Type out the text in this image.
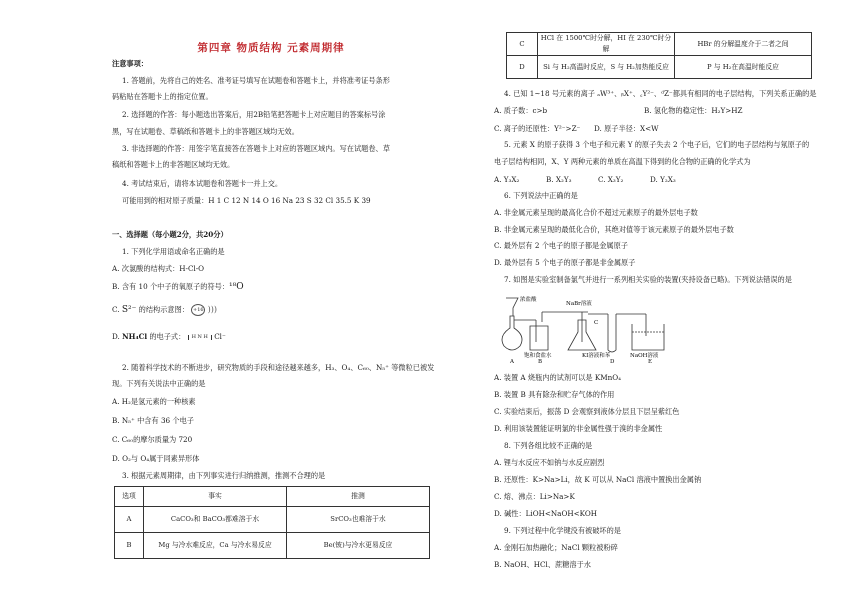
第四章 物质结构 元素周期律
注意事项：
1. 答题前，先将自己的姓名、准考证号填写在试题卷和答题卡上，并将准考证号条形
码粘贴在答题卡上的指定位置。
2. 选择题的作答：每小题选出答案后，用2B铅笔把答题卡上对应题目的答案标号涂
黑，写在试题卷、草稿纸和答题卡上的非答题区域均无效。
3. 非选择题的作答：用签字笔直接答在答题卡上对应的答题区域内。写在试题卷、草
稿纸和答题卡上的非答题区域均无效。
4. 考试结束后，请将本试题卷和答题卡一并上交。
可能用到的相对原子质量：H 1 C 12 N 14 O 16 Na 23 S 32 Cl 35.5 K 39
一、选择题（每小题2分，共20分）
1. 下列化学用语或命名正确的是
A. 次氯酸的结构式：H-Cl-O
B. 含有 10 个中子的氧原子的符号：¹⁸O
C. S²⁻ 的结构示意图： +16 )))
D. NH₄Cl 的电子式： H N H Cl⁻
2. 随着科学技术的不断进步，研究物质的手段和途径越来越多，H₃、O₄、C₆₀、N₅⁺ 等微粒已被发
现。下列有关说法中正确的是
A. H₂是氢元素的一种核素
B. N₅⁺ 中含有 36 个电子
C. C₆₀的摩尔质量为 720
D. O₂与 O₄属于同素异形体
3. 根据元素周期律，由下列事实进行归纳推测，推测不合理的是
选项	事实	推测
A	CaCO₃和 BaCO₃都难溶于水	SrCO₃也难溶于水
B	Mg 与冷水难反应，Ca 与冷水易反应	Be(铍)与冷水更易反应
C	HCl 在 1500℃时分解，HI 在 230℃时分解	HBr 的分解温度介于二者之间
D	Si 与 H₂高温时反应，S 与 H₂加热能反应	P 与 H₂在高温时能反应
4. 已知 1~18 号元素的离子 ₐW³⁺、ᵦX⁺、꜀Y²⁻、ᵈZ⁻都具有相同的电子层结构，下列关系正确的是
A. 质子数：c>b	B. 氢化物的稳定性：H₂Y>HZ
C. 离子的还原性：Y²⁻>Z⁻ D. 原子半径：X<W
5. 元素 X 的原子获得 3 个电子和元素 Y 的原子失去 2 个电子后，它们的电子层结构与氖原子的
电子层结构相同，X、Y 两种元素的单质在高温下得到的化合物的正确的化学式为
A. Y₃X₂	B. X₂Y₃	C. X₃Y₂	D. Y₂X₃
6. 下列说法中正确的是
A. 非金属元素呈现的最高化合价不超过元素原子的最外层电子数
B. 非金属元素呈现的最低化合价，其绝对值等于该元素原子的最外层电子数
C. 最外层有 2 个电子的原子都是金属原子
D. 最外层有 5 个电子的原子都是非金属原子
7. 如图是实验室制备氯气并进行一系列相关实验的装置(夹持设备已略)。下列说法错误的是
浓盐酸
NaBr溶液
饱和食盐水	KI溶液和苯	NaOH溶液
A	B
C
D	E
A. 装置 A 烧瓶内的试剂可以是 KMnO₄
B. 装置 B 具有除杂和贮存气体的作用
C. 实验结束后，振荡 D 会观察到液体分层且下层呈紫红色
D. 利用该装置能证明氯的非金属性强于溴的非金属性
8. 下列各组比较不正确的是
A. 锂与水反应不如钠与水反应剧烈
B. 还原性：K>Na>Li，故 K 可以从 NaCl 溶液中置换出金属钠
C. 熔、沸点：Li>Na>K
D. 碱性：LiOH<NaOH<KOH
9. 下列过程中化学键没有被破坏的是
A. 金刚石加热融化；NaCl 颗粒被粉碎
B. NaOH、HCl、蔗糖溶于水
